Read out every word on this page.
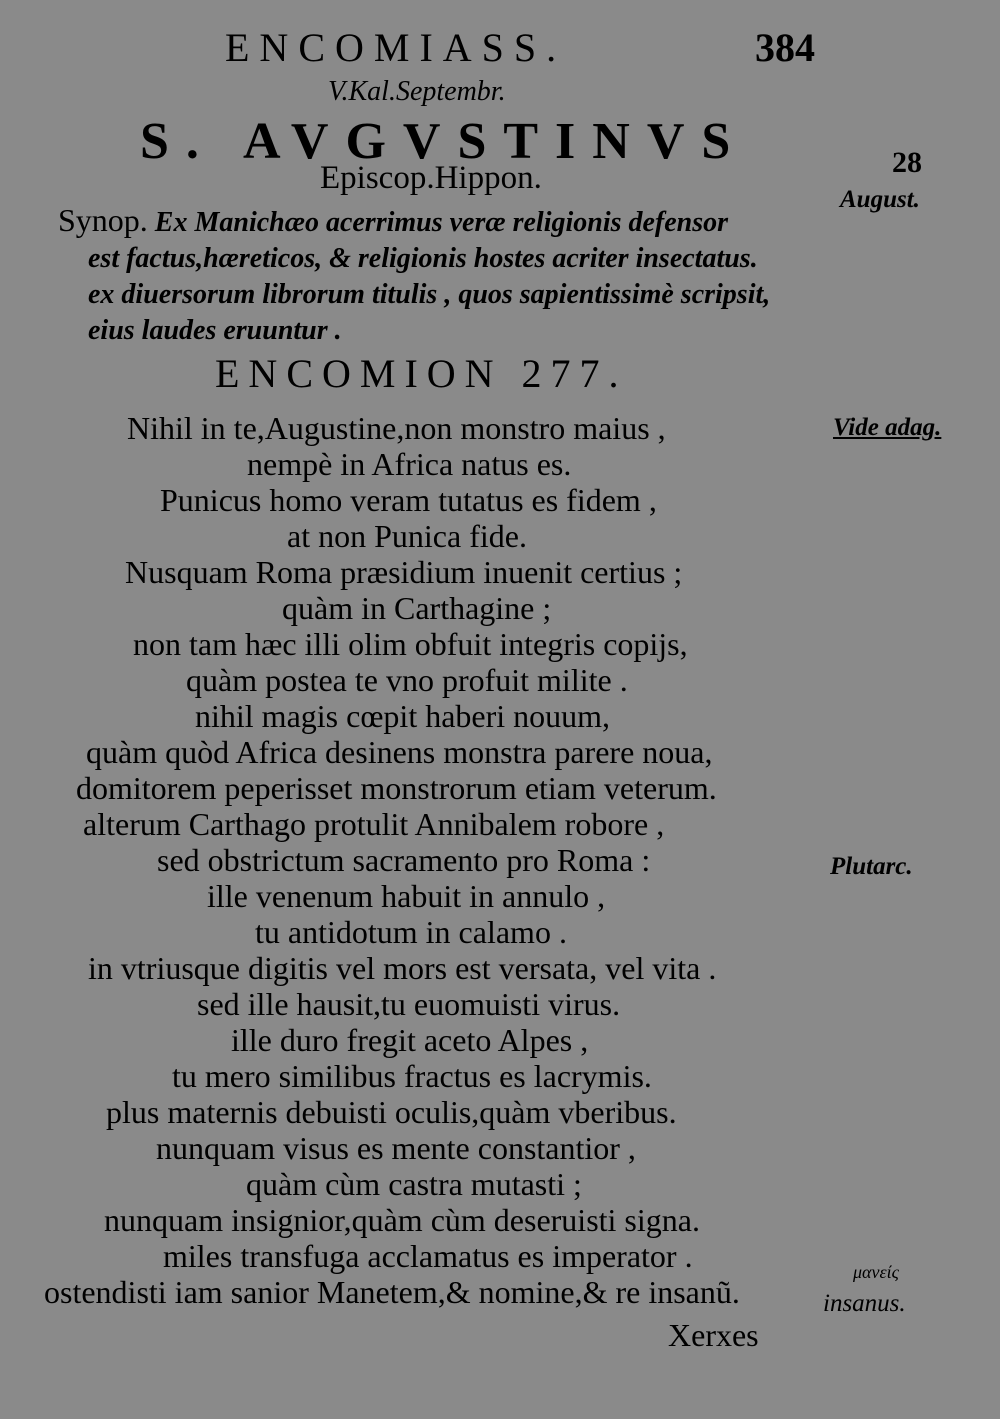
ENCOMIASS.	384
V.Kal.Septembr.
S. AVGVSTINVS
Episcop.Hippon.	28
August.
Synop. Ex Manichæo acerrimus veræ religionis defensor
est factus,hæreticos, & religionis hostes acriter insectatus.
ex diuersorum librorum titulis , quos sapientissimè scripsit,
eius laudes eruuntur .
ENCOMION 277.
Nihil in te,Augustine,non monstro maius ,
nempè in Africa natus es.
Punicus homo veram tutatus es fidem ,
at non Punica fide.
Nusquam Roma præsidium inuenit certius ;
quàm in Carthagine ;
non tam hæc illi olim obfuit integris copijs,
quàm postea te vno profuit milite .
nihil magis cœpit haberi nouum,
quàm quòd Africa desinens monstra parere noua,
domitorem peperisset monstrorum etiam veterum.
alterum Carthago protulit Annibalem robore ,
sed obstrictum sacramento pro Roma :
ille venenum habuit in annulo ,
tu antidotum in calamo .
in vtriusque digitis vel mors est versata, vel vita .
sed ille hausit,tu euomuisti virus.
ille duro fregit aceto Alpes ,
tu mero similibus fractus es lacrymis.
plus maternis debuisti oculis,quàm vberibus.
nunquam visus es mente constantior ,
quàm cùm castra mutasti ;
nunquam insignior,quàm cùm deseruisti signa.
miles transfuga acclamatus es imperator .
ostendisti iam sanior Manetem,& nomine,& re insanũ.
Vide adag.
Plutarc.
μανείς
insanus.
Xerxes
